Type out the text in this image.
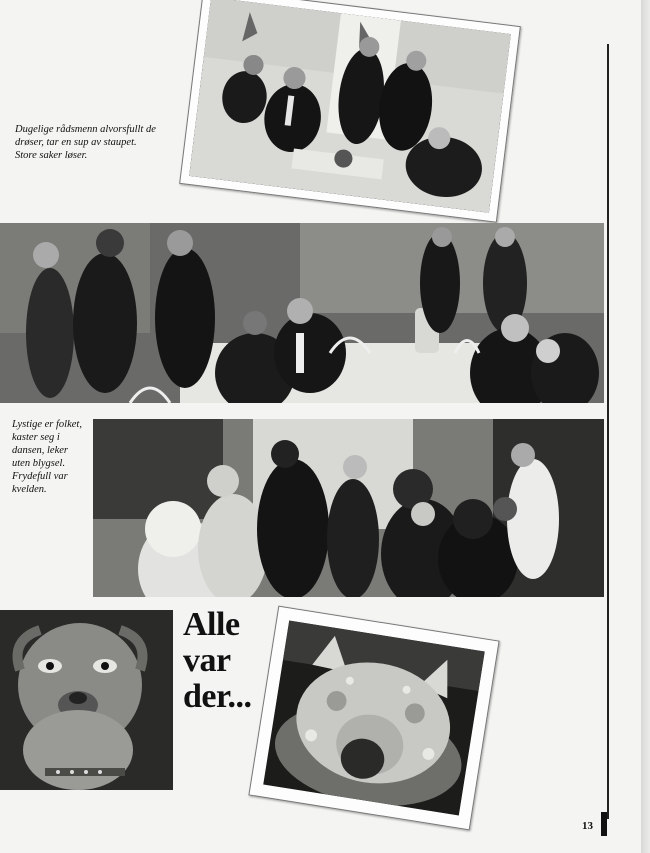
Dugelige rådsmenn alvorsfullt de
drøser, tar en sup av staupet.
Store saker løser.
Lystige er folket,
kaster seg i
dansen, leker
uten blygsel.
Frydefull var
kvelden.
Alle
var
der...
13
